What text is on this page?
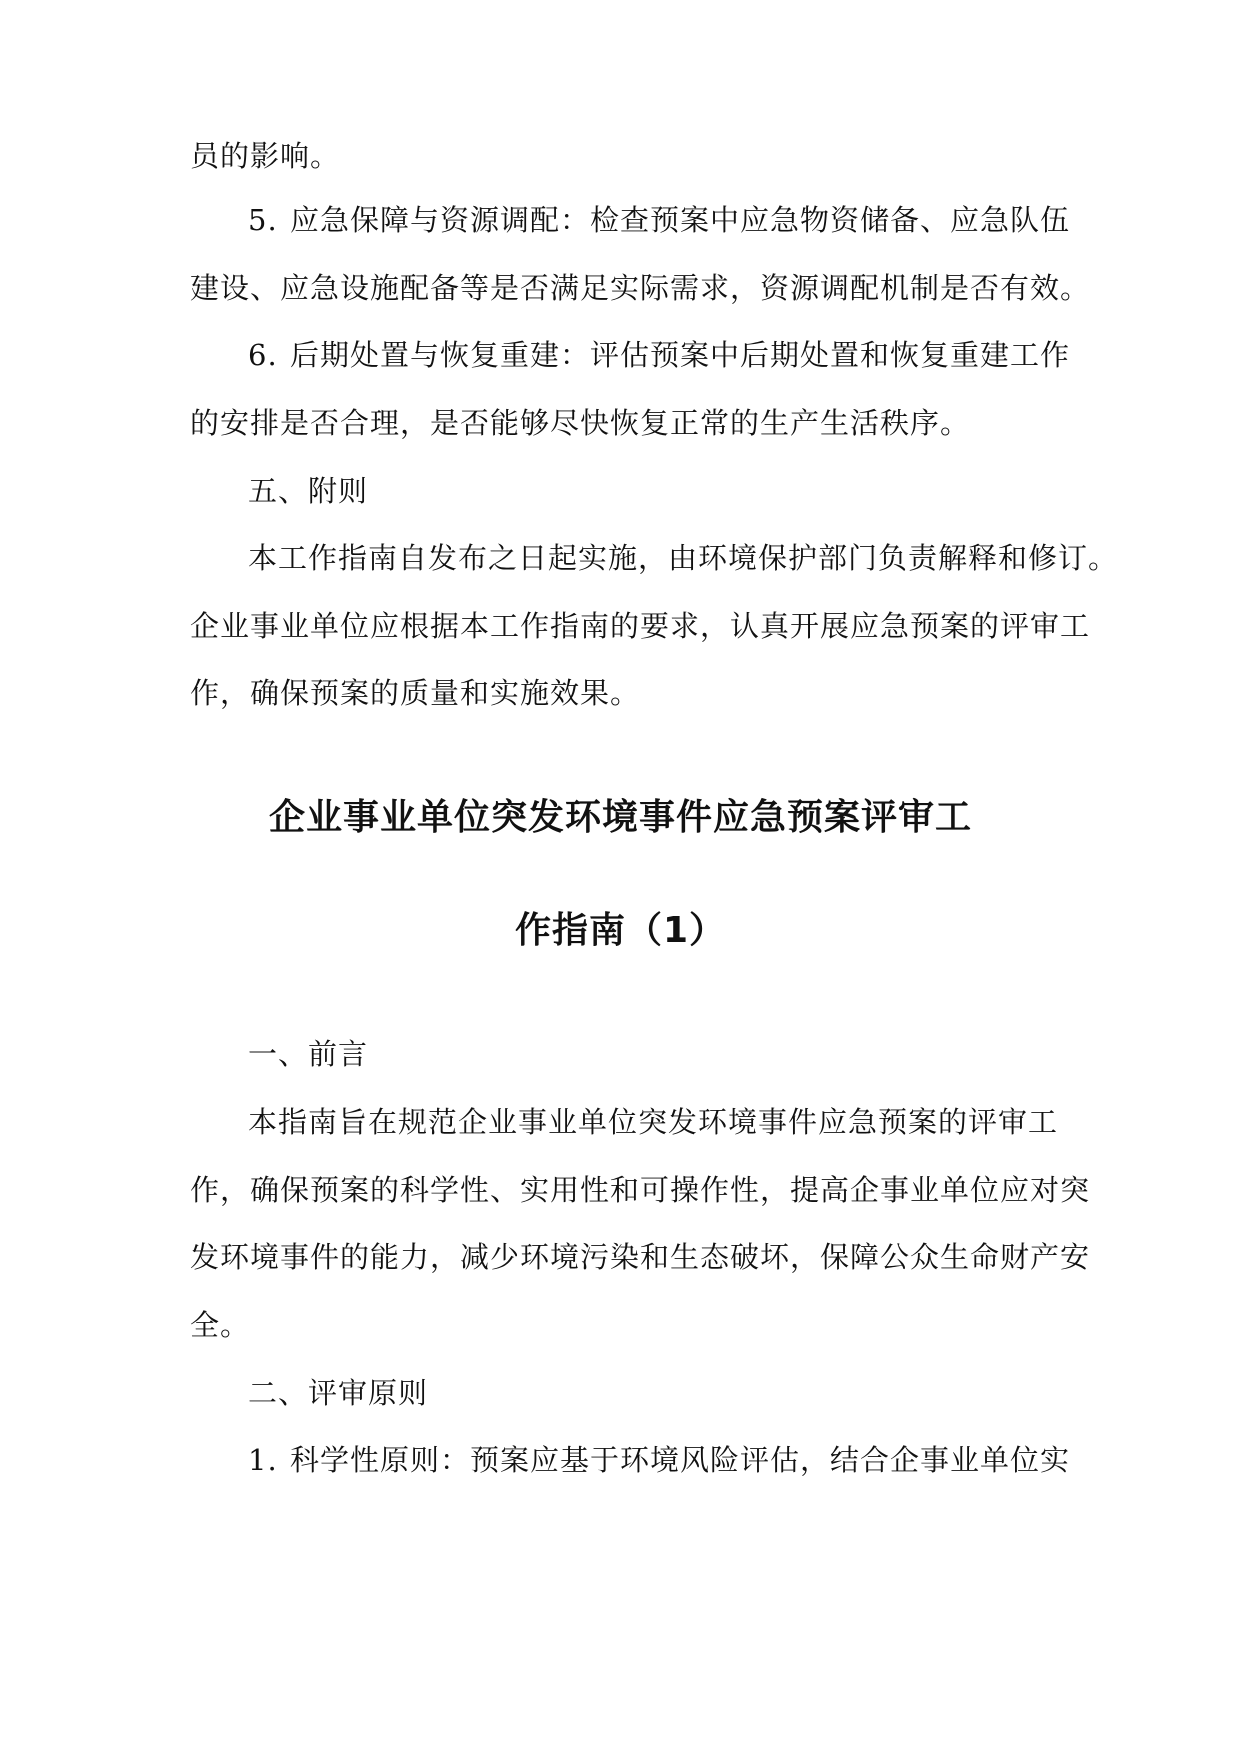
员的影响。
5. 应急保障与资源调配：检查预案中应急物资储备、应急队伍
建设、应急设施配备等是否满足实际需求，资源调配机制是否有效。
6. 后期处置与恢复重建：评估预案中后期处置和恢复重建工作
的安排是否合理，是否能够尽快恢复正常的生产生活秩序。
五、附则
本工作指南自发布之日起实施，由环境保护部门负责解释和修订。
企业事业单位应根据本工作指南的要求，认真开展应急预案的评审工
作，确保预案的质量和实施效果。
企业事业单位突发环境事件应急预案评审工
作指南（1）
一、前言
本指南旨在规范企业事业单位突发环境事件应急预案的评审工
作，确保预案的科学性、实用性和可操作性，提高企事业单位应对突
发环境事件的能力，减少环境污染和生态破坏，保障公众生命财产安
全。
二、评审原则
1. 科学性原则：预案应基于环境风险评估，结合企事业单位实
